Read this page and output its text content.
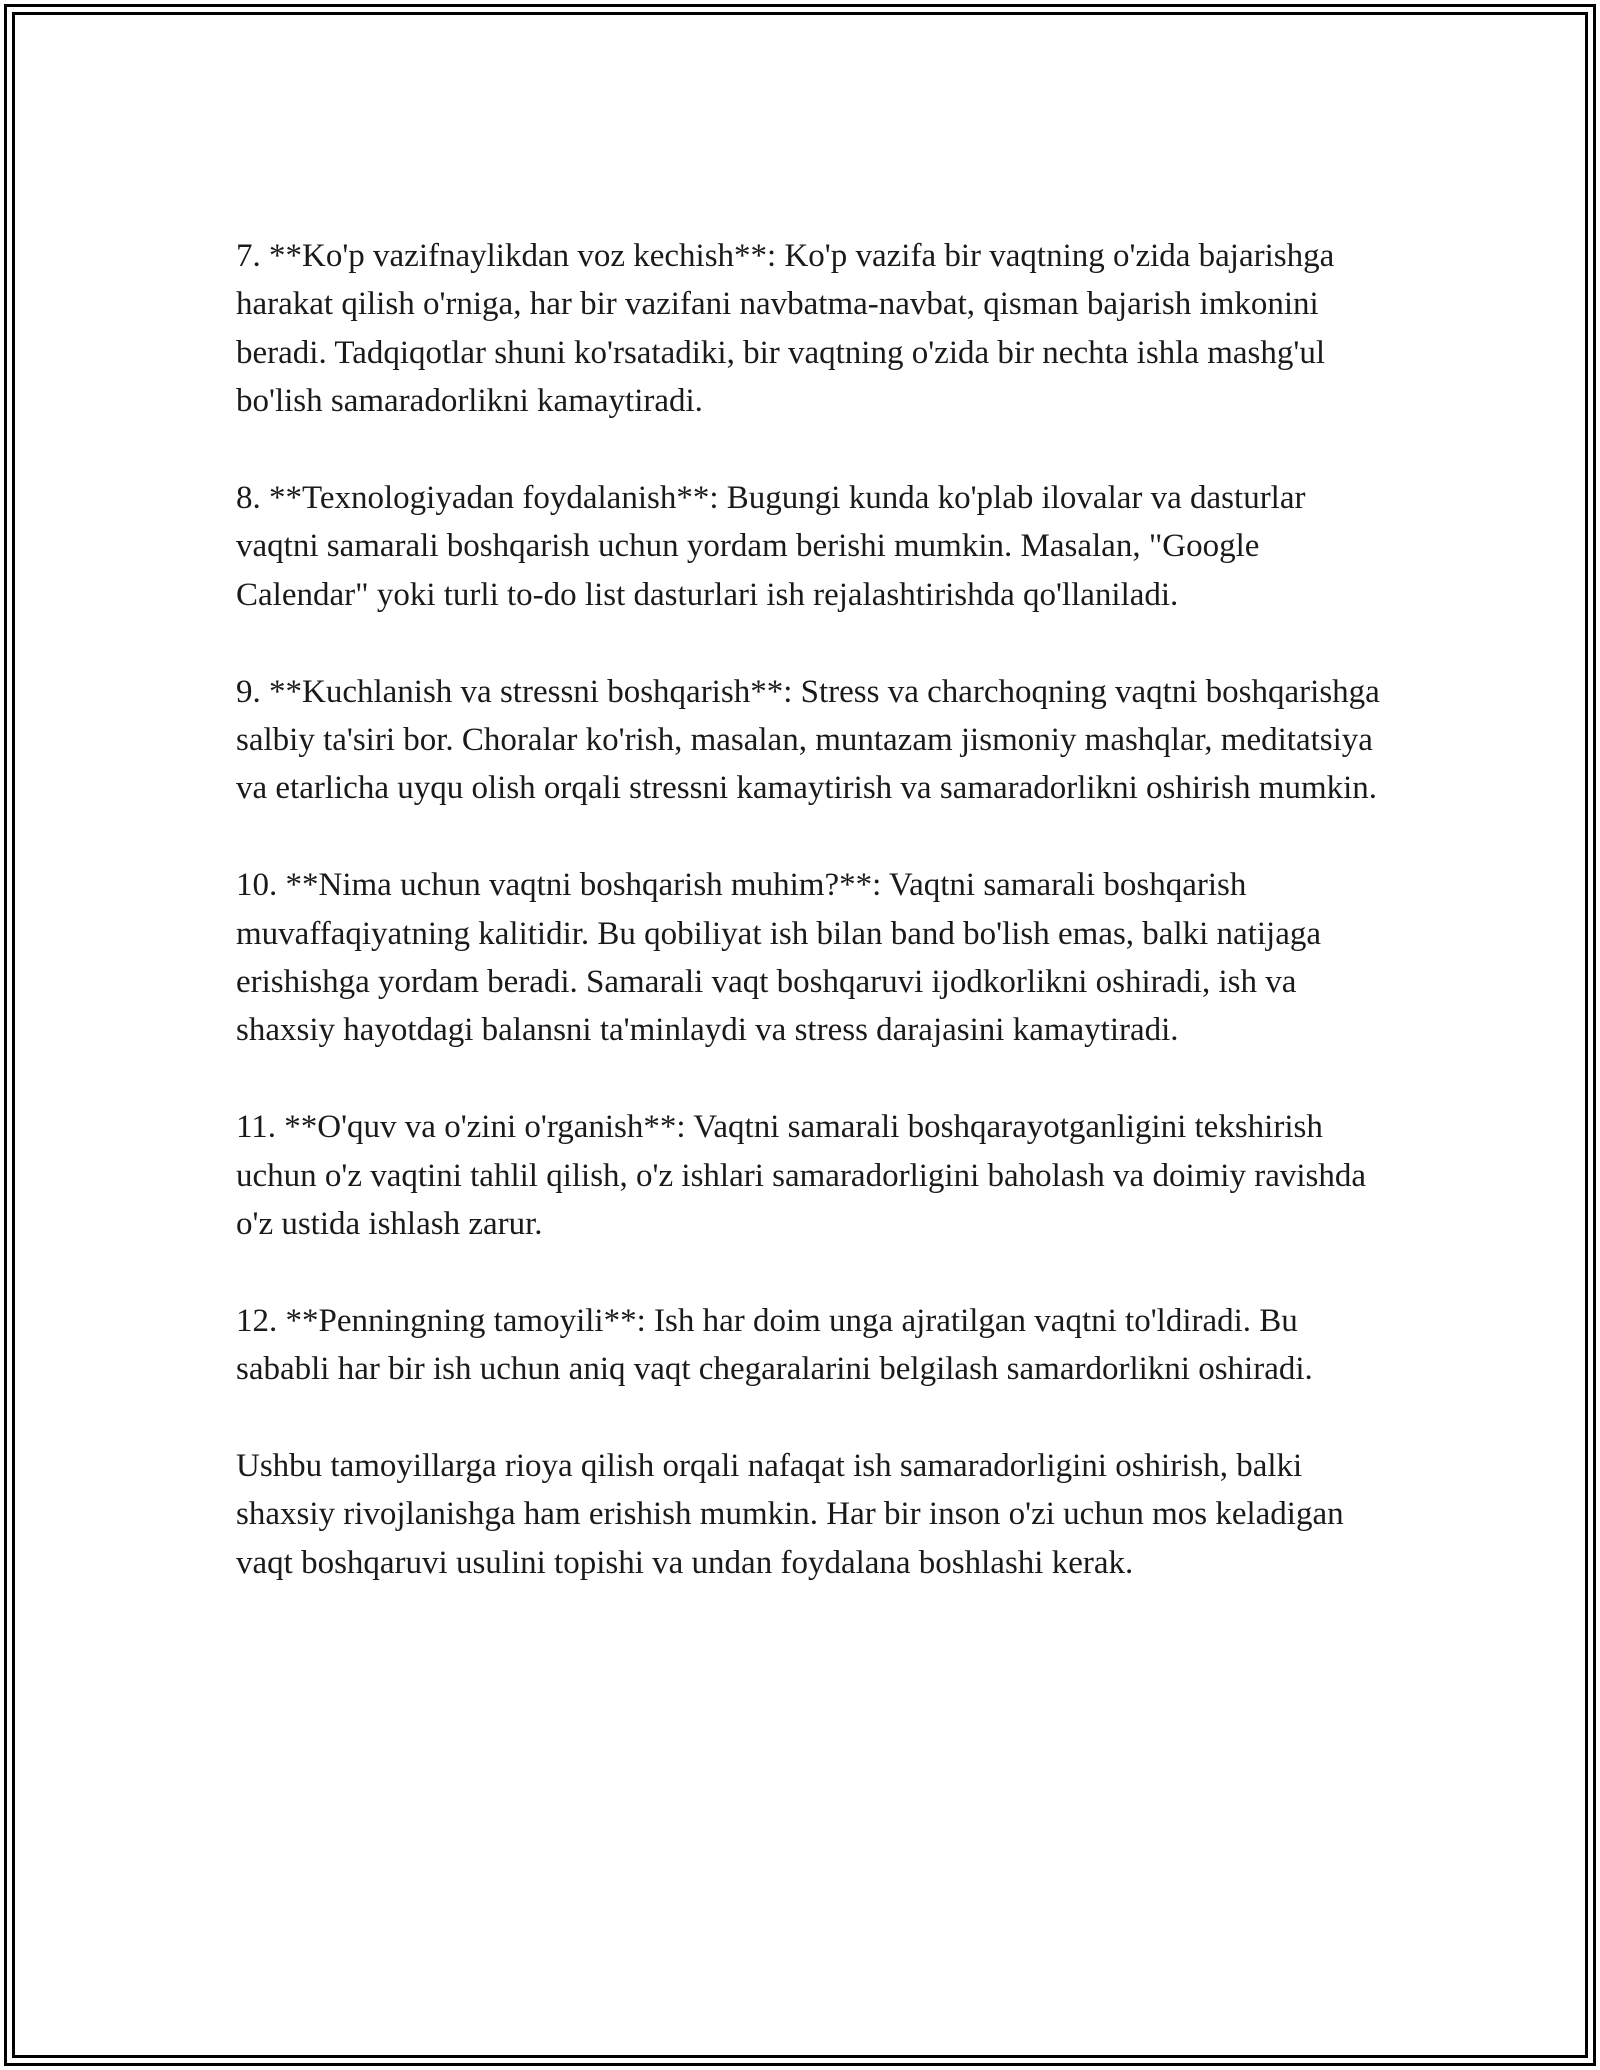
7. **Ko'p vazifnaylikdan voz kechish**: Ko'p vazifa bir vaqtning o'zida bajarishga harakat qilish o'rniga, har bir vazifani navbatma-navbat, qisman bajarish imkonini beradi. Tadqiqotlar shuni ko'rsatadiki, bir vaqtning o'zida bir nechta ishla mashg'ul bo'lish samaradorlikni kamaytiradi.

8. **Texnologiyadan foydalanish**: Bugungi kunda ko'plab ilovalar va dasturlar vaqtni samarali boshqarish uchun yordam berishi mumkin. Masalan, "Google Calendar" yoki turli to-do list dasturlari ish rejalashtirishda qo'llaniladi.

9. **Kuchlanish va stressni boshqarish**: Stress va charchoqning vaqtni boshqarishga salbiy ta'siri bor. Choralar ko'rish, masalan, muntazam jismoniy mashqlar, meditatsiya va etarlicha uyqu olish orqali stressni kamaytirish va samaradorlikni oshirish mumkin.

10. **Nima uchun vaqtni boshqarish muhim?**: Vaqtni samarali boshqarish muvaffaqiyatning kalitidir. Bu qobiliyat ish bilan band bo'lish emas, balki natijaga erishishga yordam beradi. Samarali vaqt boshqaruvi ijodkorlikni oshiradi, ish va shaxsiy hayotdagi balansni ta'minlaydi va stress darajasini kamaytiradi.

11. **O'quv va o'zini o'rganish**: Vaqtni samarali boshqarayotganligini tekshirish uchun o'z vaqtini tahlil qilish, o'z ishlari samaradorligini baholash va doimiy ravishda o'z ustida ishlash zarur.

12. **Penningning tamoyili**: Ish har doim unga ajratilgan vaqtni to'ldiradi. Bu sababli har bir ish uchun aniq vaqt chegaralarini belgilash samardorlikni oshiradi.

Ushbu tamoyillarga rioya qilish orqali nafaqat ish samaradorligini oshirish, balki shaxsiy rivojlanishga ham erishish mumkin. Har bir inson o'zi uchun mos keladigan vaqt boshqaruvi usulini topishi va undan foydalana boshlashi kerak.
